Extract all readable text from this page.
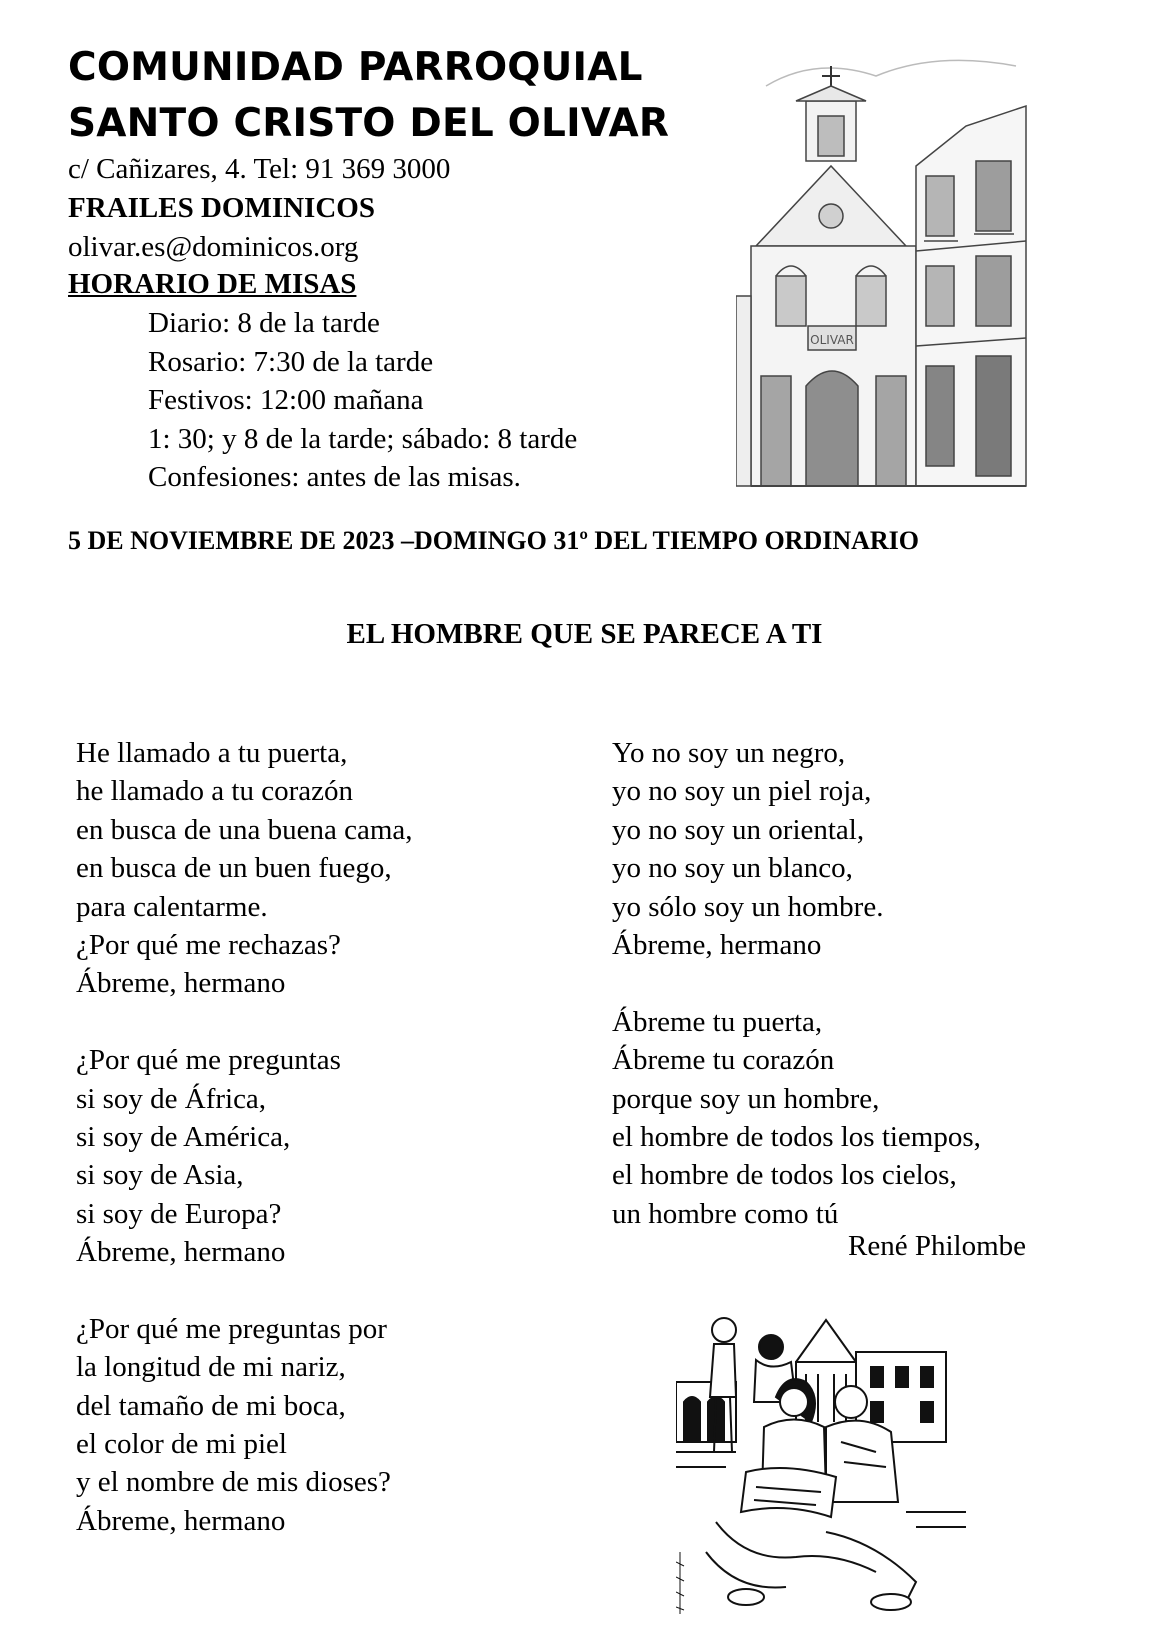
COMUNIDAD PARROQUIAL
SANTO CRISTO DEL OLIVAR
c/ Cañizares, 4. Tel: 91 369 3000
FRAILES DOMINICOS
olivar.es@dominicos.org
HORARIO DE MISAS
Diario: 8 de la tarde
Rosario: 7:30 de la tarde
Festivos: 12:00 mañana
1: 30; y 8 de la tarde; sábado: 8 tarde
Confesiones: antes de las misas.
OLIVAR
5 DE NOVIEMBRE DE 2023 –DOMINGO 31º DEL TIEMPO ORDINARIO
EL HOMBRE QUE SE PARECE A TI
He llamado a tu puerta,
he llamado a tu corazón
en busca de una buena cama,
en busca de un buen fuego,
para calentarme.
¿Por qué me rechazas?
Ábreme, hermano
¿Por qué me preguntas
si soy de África,
si soy de América,
si soy de Asia,
si soy de Europa?
Ábreme, hermano
¿Por qué me preguntas por
la longitud de mi nariz,
del tamaño de mi boca,
el color de mi piel
y el nombre de mis dioses?
Ábreme, hermano
Yo no soy un negro,
yo no soy un piel roja,
yo no soy un oriental,
yo no soy un blanco,
yo sólo soy un hombre.
Ábreme, hermano
Ábreme tu puerta,
Ábreme tu corazón
porque soy un hombre,
el hombre de todos los tiempos,
el hombre de todos los cielos,
un hombre como tú
René Philombe
